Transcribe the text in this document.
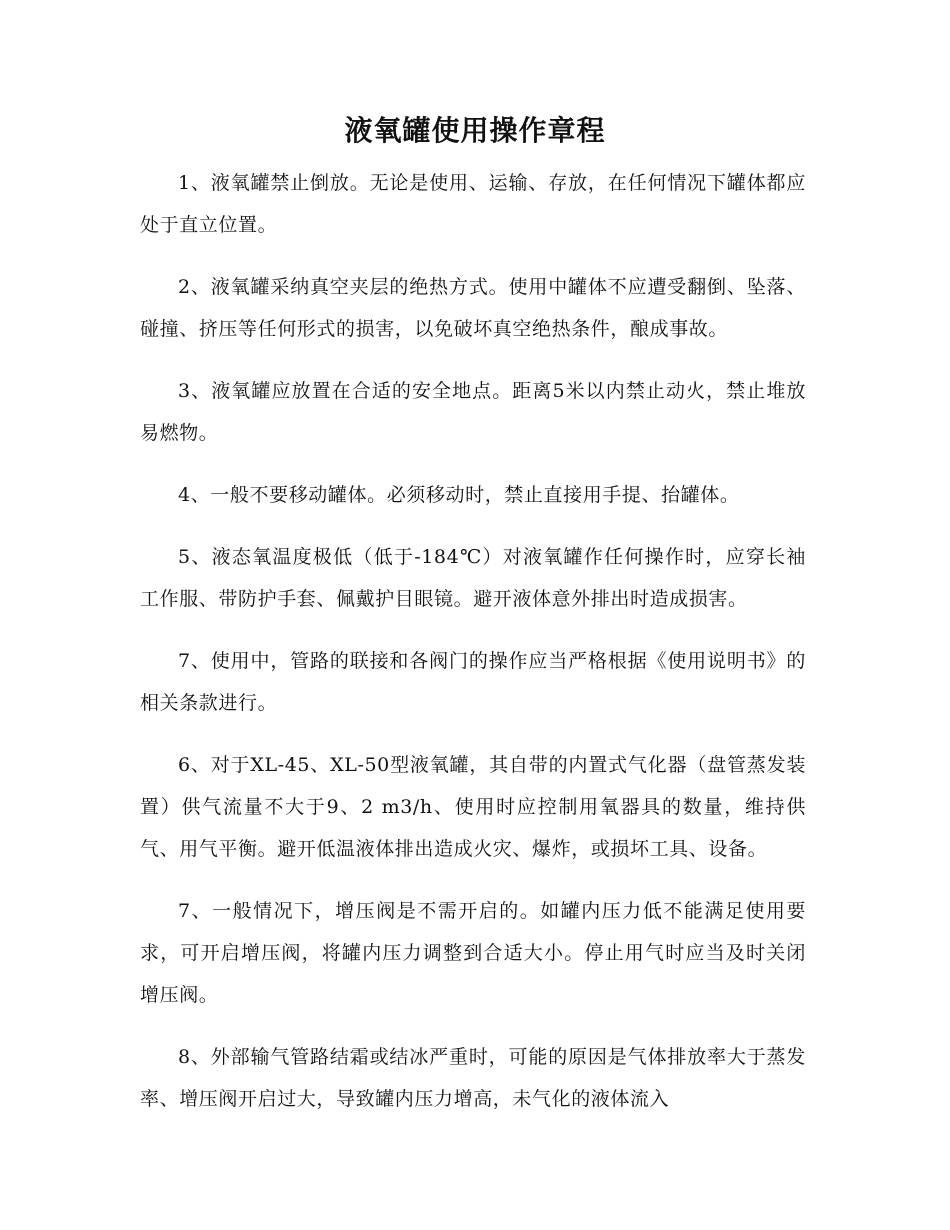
液氧罐使用操作章程

1、液氧罐禁止倒放。无论是使用、运输、存放，在任何情况下罐体都应处于直立位置。

2、液氧罐采纳真空夹层的绝热方式。使用中罐体不应遭受翻倒、坠落、碰撞、挤压等任何形式的损害，以免破坏真空绝热条件，酿成事故。

3、液氧罐应放置在合适的安全地点。距离5米以内禁止动火，禁止堆放易燃物。

4、一般不要移动罐体。必须移动时，禁止直接用手提、抬罐体。

5、液态氧温度极低（低于-184℃）对液氧罐作任何操作时，应穿长袖工作服、带防护手套、佩戴护目眼镜。避开液体意外排出时造成损害。

7、使用中，管路的联接和各阀门的操作应当严格根据《使用说明书》的相关条款进行。

6、对于XL-45、XL-50型液氧罐，其自带的内置式气化器（盘管蒸发装置）供气流量不大于9、2 m3/h、使用时应控制用氧器具的数量，维持供气、用气平衡。避开低温液体排出造成火灾、爆炸，或损坏工具、设备。

7、一般情况下，增压阀是不需开启的。如罐内压力低不能满足使用要求，可开启增压阀，将罐内压力调整到合适大小。停止用气时应当及时关闭增压阀。

8、外部输气管路结霜或结冰严重时，可能的原因是气体排放率大于蒸发率、增压阀开启过大，导致罐内压力增高，未气化的液体流入
